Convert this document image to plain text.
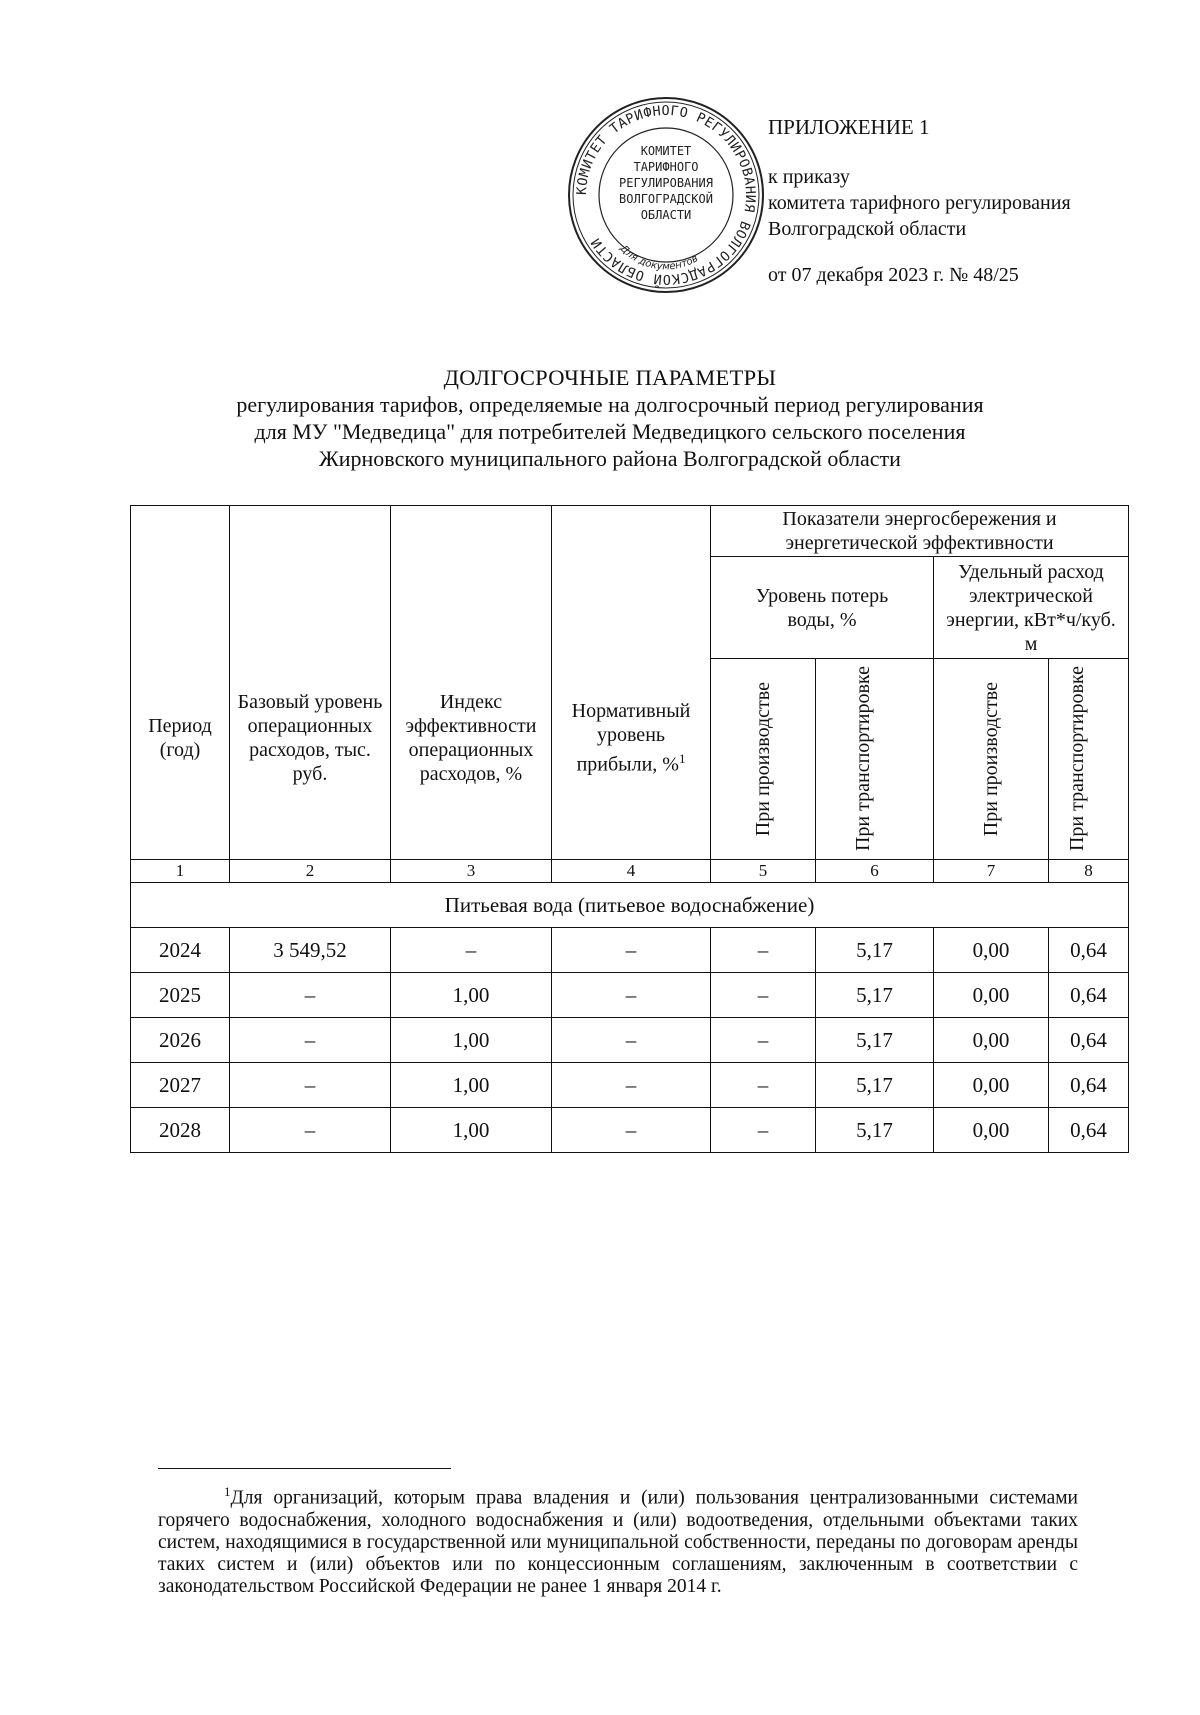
КОМИТЕТ ТАРИФНОГО РЕГУЛИРОВАНИЯ ВОЛГОГРАДСКОЙ ОБЛАСТИ
КОМИТЕТ
ТАРИФНОГО
РЕГУЛИРОВАНИЯ
ВОЛГОГРАДСКОЙ
ОБЛАСТИ
Для документов
ПРИЛОЖЕНИЕ 1
к приказу
комитета тарифного регулирования
Волгоградской области
от 07 декабря 2023 г. № 48/25
ДОЛГОСРОЧНЫЕ ПАРАМЕТРЫ
регулирования тарифов, определяемые на долгосрочный период регулирования
для МУ "Медведица" для потребителей Медведицкого сельского поселения
Жирновского муниципального района Волгоградской области
Период (год)	Базовый уровень операционных расходов, тыс. руб.	Индекс эффективности операционных расходов, %	Нормативный уровень прибыли, %$^1$	Показатели энергосбережения и энергетической эффективности			

				Уровень потерь воды, %		Удельный расход электрической энергии, кВт*ч/куб. м	

				При производстве	При транспортировке	При производстве	При транспортировке

1	2	3	4	5	6	7	8
Питьевая вода (питьевое водоснабжение)							
2024	3 549,52	–	–	–	5,17	0,00	0,64
2025	–	1,00	–	–	5,17	0,00	0,64
2026	–	1,00	–	–	5,17	0,00	0,64
2027	–	1,00	–	–	5,17	0,00	0,64
2028	–	1,00	–	–	5,17	0,00	0,64
$^1$Для организаций, которым права владения и (или) пользования централизованными системами горячего водоснабжения, холодного водоснабжения и (или) водоотведения, отдельными объектами таких систем, находящимися в государственной или муниципальной собственности, переданы по договорам аренды таких систем и (или) объектов или по концессионным соглашениям, заключенным в соответствии с законодательством Российской Федерации не ранее 1 января 2014 г.
